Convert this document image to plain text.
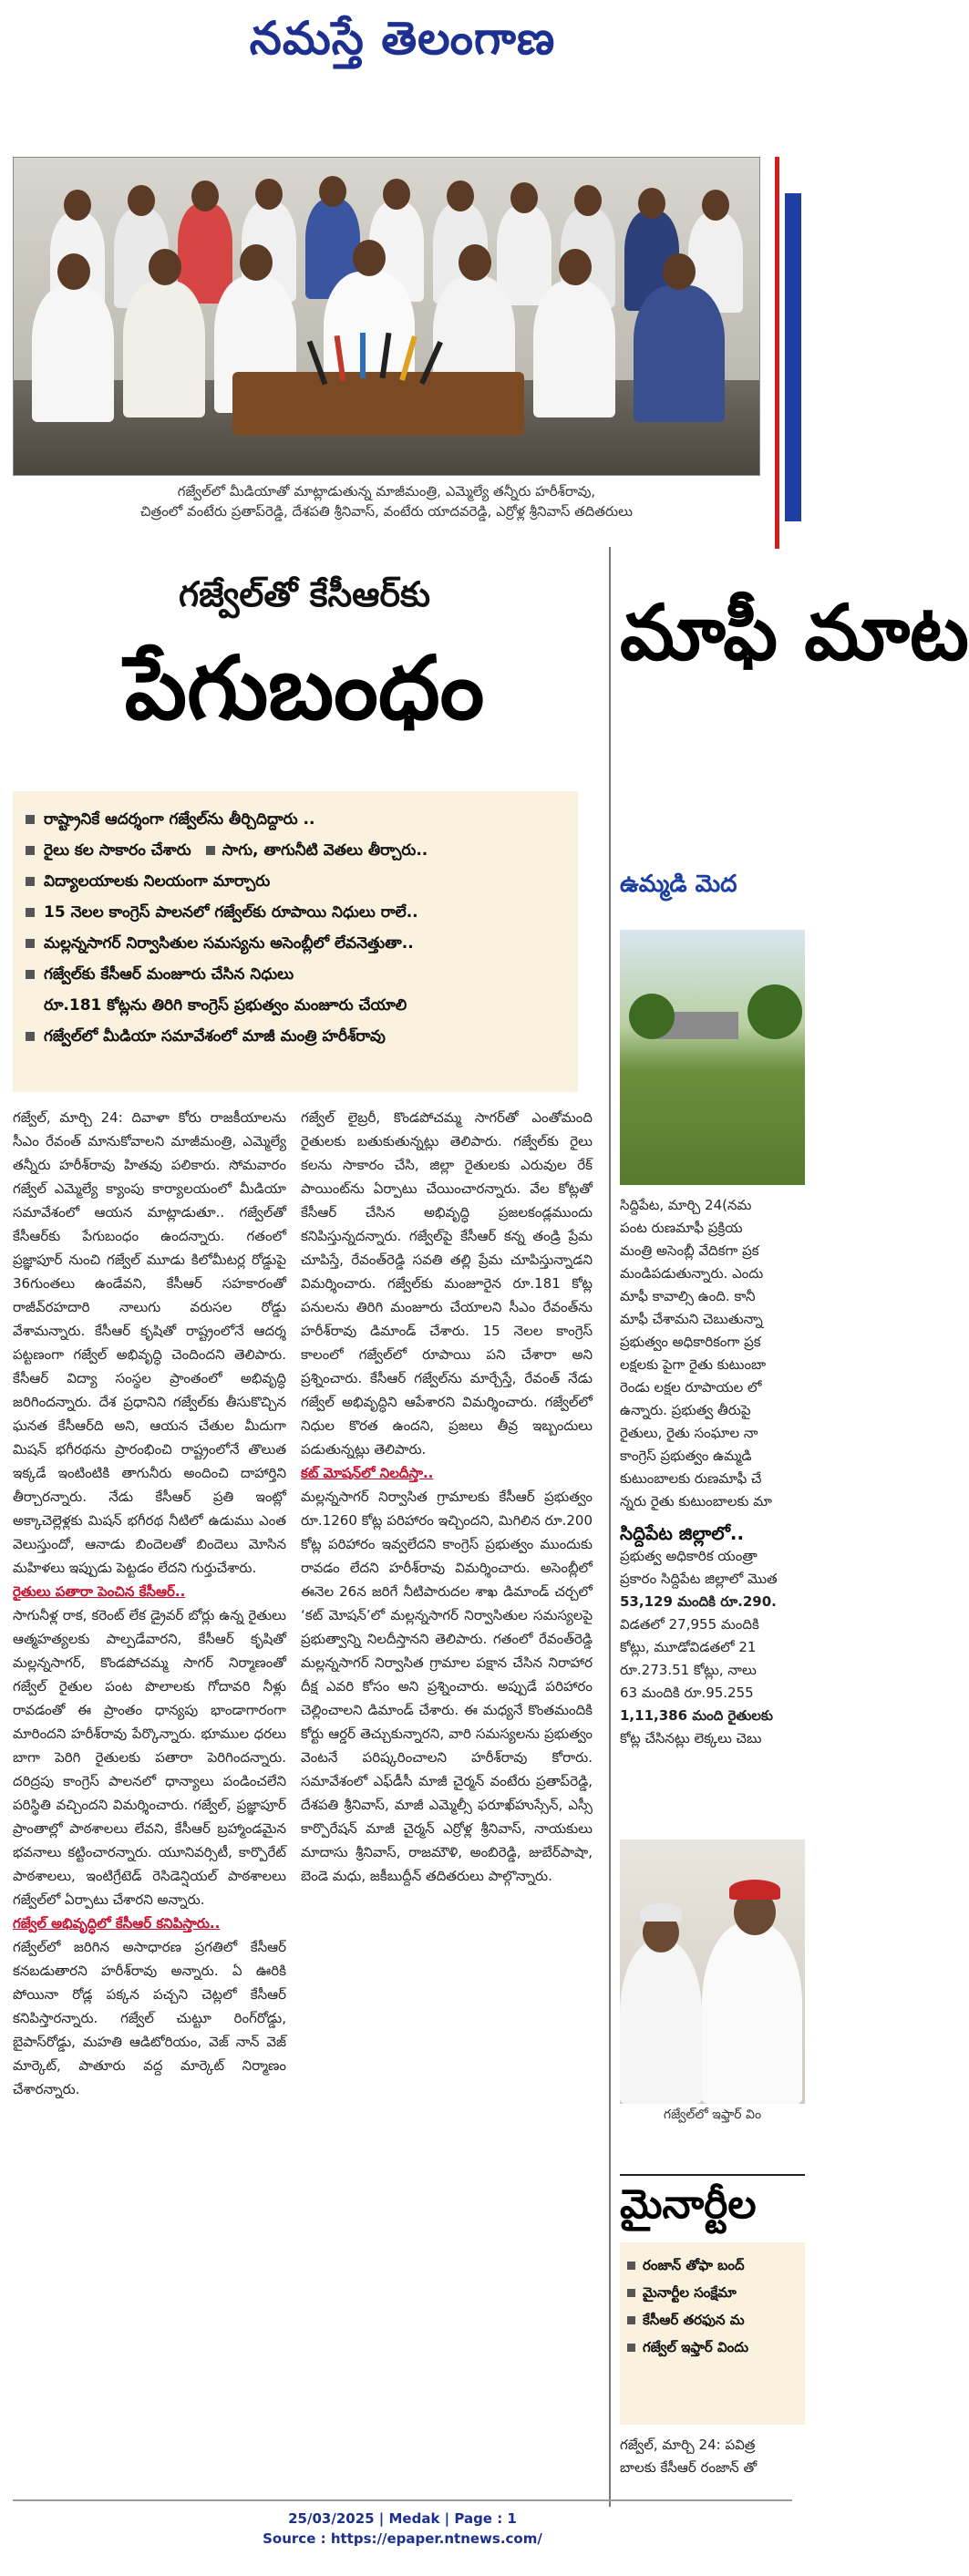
నమస్తే తెలంగాణ
గజ్వేల్‌లో మీడియాతో మాట్లాడుతున్న మాజీమంత్రి, ఎమ్మెల్యే తన్నీరు హరీశ్‌రావు,
చిత్రంలో వంటేరు ప్రతాప్‌రెడ్డి, దేశపతి శ్రీనివాస్, వంటేరు యాదవరెడ్డి, ఎర్రోళ్ల శ్రీనివాస్ తదితరులు
గజ్వేల్‌తో కేసీఆర్‌కు
పేగుబంధం
రాష్ట్రానికే ఆదర్శంగా గజ్వేల్‌ను తీర్చిదిద్దారు ..
రైలు కల సాకారం చేశారు సాగు, తాగునీటి వెతలు తీర్చారు..
విద్యాలయాలకు నిలయంగా మార్చారు
15 నెలల కాంగ్రెస్ పాలనలో గజ్వేల్‌కు రూపాయి నిధులు రాలే..
మల్లన్నసాగర్ నిర్వాసితుల సమస్యను అసెంబ్లీలో లేవనెత్తుతా..
గజ్వేల్‌కు కేసీఆర్ మంజూరు చేసిన నిధులు
రూ.181 కోట్లను తిరిగి కాంగ్రెస్ ప్రభుత్వం మంజూరు చేయాలి
గజ్వేల్‌లో మీడియా సమావేశంలో మాజీ మంత్రి హరీశ్‌రావు

గజ్వేల్, మార్చి 24: దివాళా కోరు రాజకీయాలను సీఎం రేవంత్ మానుకోవాలని మాజీమంత్రి, ఎమ్మెల్యే తన్నీరు హరీశ్‌రావు హితవు పలికారు. సోమవారం గజ్వేల్ ఎమ్మెల్యే క్యాంపు కార్యాలయంలో మీడియా సమావేశంలో ఆయన మాట్లాడుతూ.. గజ్వేల్‌తో కేసీఆర్‌కు పేగుబంధం ఉందన్నారు. గతంలో ప్రజ్ఞాపూర్ నుంచి గజ్వేల్ మూడు కిలోమీటర్ల రోడ్డుపై 36గుంతలు ఉండేవని, కేసీఆర్ సహకారంతో రాజీవ్‌రహదారి నాలుగు వరుసల రోడ్డు వేశామన్నారు. కేసీఆర్ కృషితో రాష్ట్రంలోనే ఆదర్శ పట్టణంగా గజ్వేల్ అభివృద్ధి చెందిందని తెలిపారు. కేసీఆర్ విద్యా సంస్థల ప్రాంతంలో అభివృద్ధి జరిగిందన్నారు. దేశ ప్రధానిని గజ్వేల్‌కు తీసుకొచ్చిన ఘనత కేసీఆర్‌ది అని, ఆయన చేతుల మీదుగా మిషన్ భగీరథను ప్రారంభించి రాష్ట్రంలోనే తొలుత ఇక్కడే ఇంటింటికి తాగునీరు అందించి దాహార్తిని తీర్చారన్నారు. నేడు కేసీఆర్ ప్రతి ఇంట్లో అక్కాచెల్లెళ్లకు మిషన్ భగీరథ నీటిలో ఉడుము ఎంత వెలుస్తుందో, ఆనాడు బిందెలతో బిందెలు మోసిన మహిళలు ఇప్పుడు పెట్టడం లేదని గుర్తుచేశారు.

రైతులు పతారా పెంచిన కేసీఆర్..

సాగునీళ్ల రాక, కరెంట్ లేక డ్రైవర్ బోర్లు ఉన్న రైతులు ఆత్మహత్యలకు పాల్పడేవారని, కేసీఆర్ కృషితో మల్లన్నసాగర్, కొండపోచమ్మ సాగర్ నిర్మాణంతో గజ్వేల్ రైతుల పంట పొలాలకు గోదావరి నీళ్లు రావడంతో ఈ ప్రాంతం ధాన్యపు భాండాగారంగా మారిందని హరీశ్‌రావు పేర్కొన్నారు. భూముల ధరలు బాగా పెరిగి రైతులకు పతారా పెరిగిందన్నారు. దరిద్రపు కాంగ్రెస్ పాలనలో ధాన్యాలు పండించలేని పరిస్థితి వచ్చిందని విమర్శించారు. గజ్వేల్, ప్రజ్ఞాపూర్ ప్రాంతాల్లో పాఠశాలలు లేవని, కేసీఆర్ బ్రహ్మాండమైన భవనాలు కట్టించారన్నారు. యూనివర్సిటీ, కార్పొరేట్ పాఠశాలలు, ఇంటిగ్రేటెడ్ రెసిడెన్షియల్ పాఠశాలలు గజ్వేల్‌లో ఏర్పాటు చేశారని అన్నారు.

గజ్వేల్ అభివృద్ధిలో కేసీఆర్ కనిపిస్తారు..

గజ్వేల్‌లో జరిగిన అసాధారణ ప్రగతిలో కేసీఆర్ కనబడుతారని హరీశ్‌రావు అన్నారు. ఏ ఊరికి పోయినా రోడ్ల పక్కన పచ్చని చెట్లలో కేసీఆర్ కనిపిస్తారన్నారు. గజ్వేల్ చుట్టూ రింగ్‌రోడ్డు, బైపాస్‌రోడ్డు, మహతి ఆడిటోరియం, వెజ్ నాన్ వెజ్ మార్కెట్, పాతూరు వద్ద మార్కెట్ నిర్మాణం చేశారన్నారు.

గజ్వేల్ లైబ్రరీ, కొండపోచమ్మ సాగర్‌తో ఎంతోమంది రైతులకు బతుకుతున్నట్లు తెలిపారు. గజ్వేల్‌కు రైలు కలను సాకారం చేసి, జిల్లా రైతులకు ఎరువుల రేక్ పాయింట్‌ను ఏర్పాటు చేయించారన్నారు. వేల కోట్లతో కేసీఆర్ చేసిన అభివృద్ధి ప్రజలకండ్లముందు కనిపిస్తున్నదన్నారు. గజ్వేల్‌పై కేసీఆర్ కన్న తండ్రి ప్రేమ చూపిస్తే, రేవంత్‌రెడ్డి సవతి తల్లి ప్రేమ చూపిస్తున్నాడని విమర్శించారు. గజ్వేల్‌కు మంజూరైన రూ.181 కోట్ల పనులను తిరిగి మంజూరు చేయాలని సీఎం రేవంత్‌ను హరీశ్‌రావు డిమాండ్ చేశారు. 15 నెలల కాంగ్రెస్ కాలంలో గజ్వేల్‌లో రూపాయి పని చేశారా అని ప్రశ్నించారు. కేసీఆర్ గజ్వేల్‌ను మార్చేస్తే, రేవంత్ నేడు గజ్వేల్ అభివృద్ధిని ఆపేశారని విమర్శించారు. గజ్వేల్‌లో నిధుల కొరత ఉందని, ప్రజలు తీవ్ర ఇబ్బందులు పడుతున్నట్లు తెలిపారు.

కట్ మోషన్‌లో నిలదీస్తా..

మల్లన్నసాగర్ నిర్వాసిత గ్రామాలకు కేసీఆర్ ప్రభుత్వం రూ.1260 కోట్ల పరిహారం ఇచ్చిందని, మిగిలిన రూ.200 కోట్ల పరిహారం ఇవ్వలేదని కాంగ్రెస్ ప్రభుత్వం ముందుకు రావడం లేదని హరీశ్‌రావు విమర్శించారు. అసెంబ్లీలో ఈనెల 26న జరిగే నీటిపారుదల శాఖ డిమాండ్ చర్చలో ‘కట్ మోషన్’లో మల్లన్నసాగర్ నిర్వాసితుల సమస్యలపై ప్రభుత్వాన్ని నిలదీస్తానని తెలిపారు. గతంలో రేవంత్‌రెడ్డి మల్లన్నసాగర్ నిర్వాసిత గ్రామాల పక్షాన చేసిన నిరాహార దీక్ష ఎవరి కోసం అని ప్రశ్నించారు. అప్పుడే పరిహారం చెల్లించాలని డిమాండ్ చేశారు. ఈ మధ్యనే కొంతమందికి కోర్టు ఆర్డర్ తెచ్చుకున్నారని, వారి సమస్యలను ప్రభుత్వం వెంటనే పరిష్కరించాలని హరీశ్‌రావు కోరారు. సమావేశంలో ఎఫ్‌డీసీ మాజీ చైర్మన్ వంటేరు ప్రతాప్‌రెడ్డి, దేశపతి శ్రీనివాస్, మాజీ ఎమ్మెల్సీ ఫరూఖ్‌హుస్సేన్, ఎస్సీ కార్పొరేషన్ మాజీ చైర్మన్ ఎర్రోళ్ల శ్రీనివాస్, నాయకులు మాదాసు శ్రీనివాస్, రాజమౌళి, అంబిరెడ్డి, జుబేర్‌పాషా, బెండె మధు, జకీబుద్దీన్ తదితరులు పాల్గొన్నారు.

మాఫీ మాట
ఉమ్మడి మెద
సిద్దిపేట, మార్చి 24(నమ
పంట రుణమాఫీ ప్రక్రియ
మంత్రి అసెంబ్లీ వేదికగా ప్రక
మండిపడుతున్నారు. ఎందు
మాఫీ కావాల్సి ఉంది. కానీ
మాఫీ చేశామని చెబుతున్నా
ప్రభుత్వం అధికారికంగా ప్రక
లక్షలకు పైగా రైతు కుటుంబా
రెండు లక్షల రూపాయల లో
ఉన్నారు. ప్రభుత్వ తీరుపై
రైతులు, రైతు సంఘాల నా
కాంగ్రెస్ ప్రభుత్వం ఉమ్మడి
కుటుంబాలకు రుణమాఫీ చే
న్నరు రైతు కుటుంబాలకు మా
సిద్దిపేట జిల్లాలో..
ప్రభుత్వ అధికారిక యంత్రా
ప్రకారం సిద్దిపేట జిల్లాలో మొత
53,129 మందికి రూ.290.
విడతలో 27,955 మందికి
కోట్లు, మూడోవిడతలో 21
రూ.273.51 కోట్లు, నాలు
63 మందికి రూ.95.255
1,11,386 మంది రైతులకు
కోట్ల చేసినట్లు లెక్కలు చెబు
గజ్వేల్‌లో ఇఫ్తార్ విం
మైనార్టీల
రంజాన్ తోఫా బంద్
మైనార్టీల సంక్షేమా
కేసీఆర్ తరఫున మ
గజ్వేల్ ఇఫ్తార్ విందు
గజ్వేల్, మార్చి 24: పవిత్ర
బాలకు కేసీఆర్ రంజాన్ తో
25/03/2025 | Medak | Page : 1
Source : https://epaper.ntnews.com/
